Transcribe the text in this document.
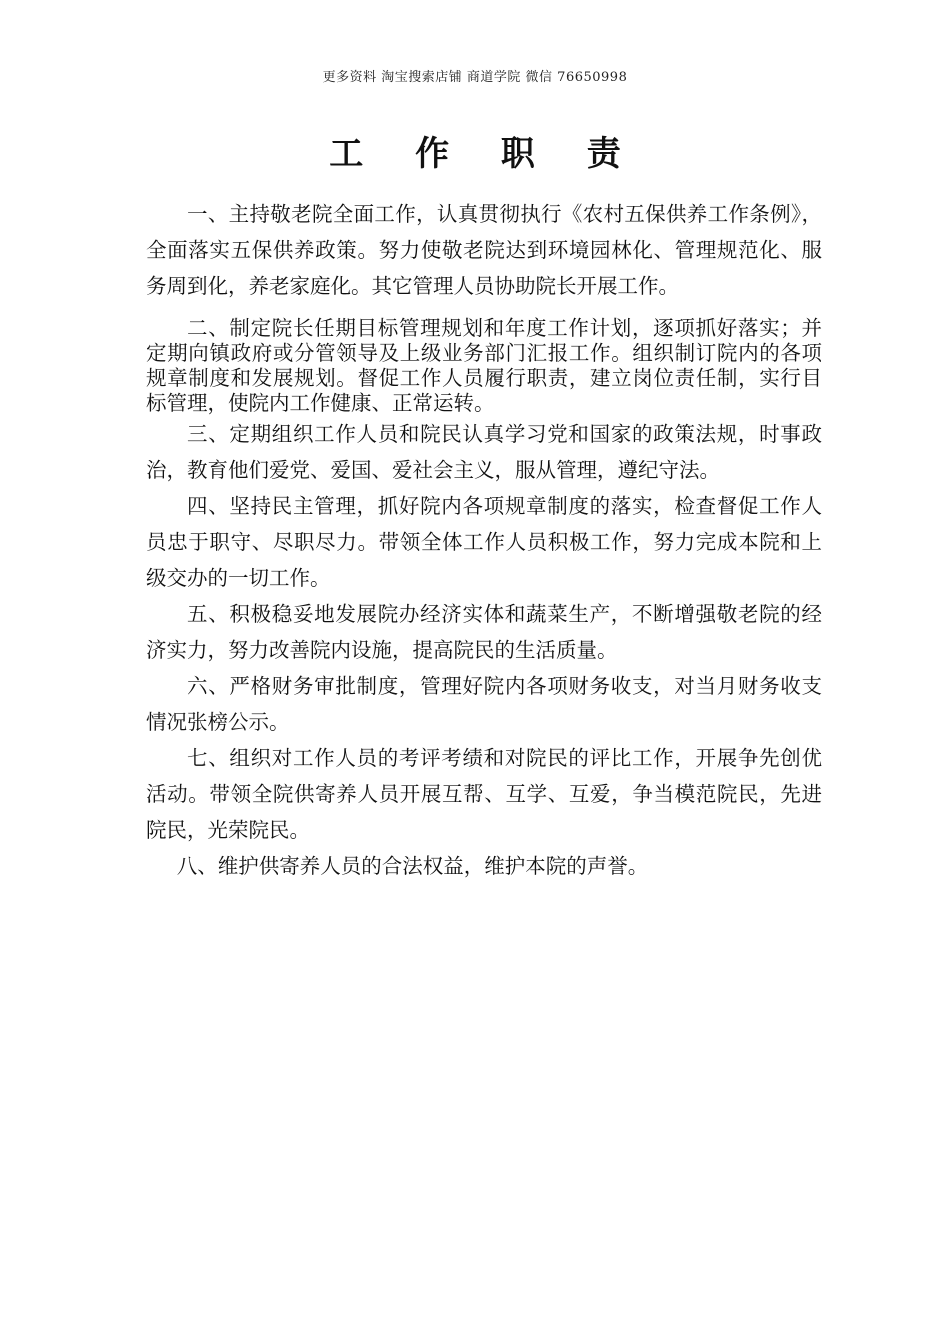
更多资料 淘宝搜索店铺 商道学院 微信 76650998
工 作 职 责

一、主持敬老院全面工作，认真贯彻执行《农村五保供养工作条例》，全面落实五保供养政策。努力使敬老院达到环境园林化、管理规范化、服务周到化，养老家庭化。其它管理人员协助院长开展工作。

二、制定院长任期目标管理规划和年度工作计划，逐项抓好落实；并定期向镇政府或分管领导及上级业务部门汇报工作。组织制订院内的各项规章制度和发展规划。督促工作人员履行职责，建立岗位责任制，实行目标管理，使院内工作健康、正常运转。

三、定期组织工作人员和院民认真学习党和国家的政策法规，时事政治，教育他们爱党、爱国、爱社会主义，服从管理，遵纪守法。

四、坚持民主管理，抓好院内各项规章制度的落实，检查督促工作人员忠于职守、尽职尽力。带领全体工作人员积极工作，努力完成本院和上级交办的一切工作。

五、积极稳妥地发展院办经济实体和蔬菜生产，不断增强敬老院的经济实力，努力改善院内设施，提高院民的生活质量。

六、严格财务审批制度，管理好院内各项财务收支，对当月财务收支情况张榜公示。

七、组织对工作人员的考评考绩和对院民的评比工作，开展争先创优活动。带领全院供寄养人员开展互帮、互学、互爱，争当模范院民，先进院民，光荣院民。

八、维护供寄养人员的合法权益，维护本院的声誉。
